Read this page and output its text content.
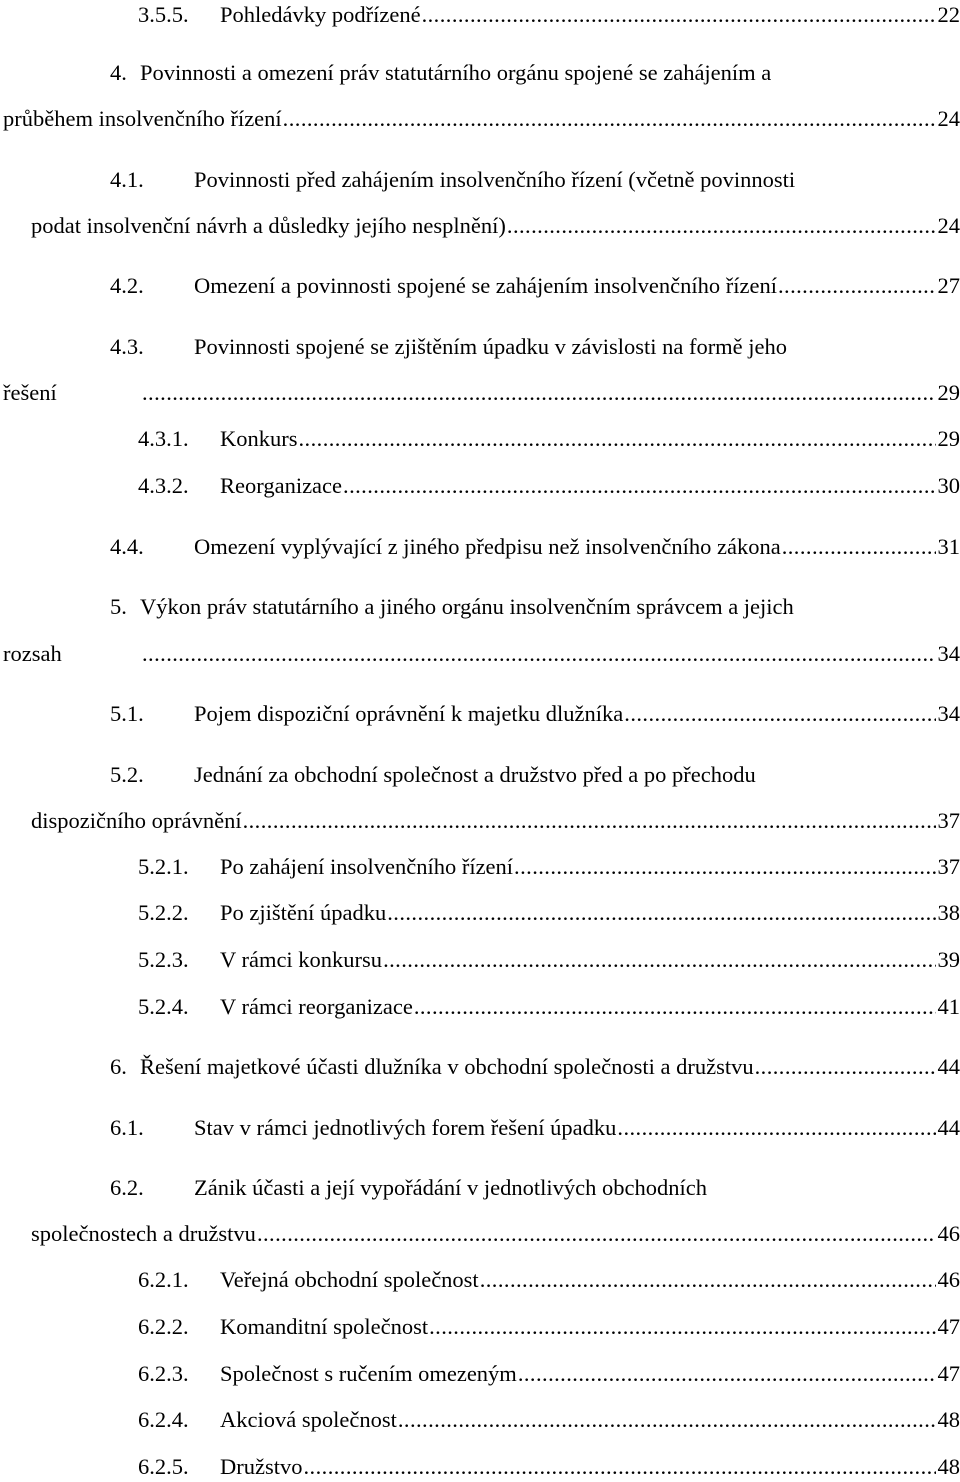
3.5.5.	Pohledávky podřízené . . .	22
4. Povinnosti a omezení práv statutárního orgánu spojené se zahájením a
průběhem insolvenčního řízení . . .	24
4.1.	Povinnosti před zahájením insolvenčního řízení (včetně povinnosti
podat insolvenční návrh a důsledky jejího nesplnění) . . .	24
4.2.	Omezení a povinnosti spojené se zahájením insolvenčního řízení . . .	27
4.3.	Povinnosti spojené se zjištěním úpadku v závislosti na formě jeho
řešení . . .	29
4.3.1.	Konkurs . . .	29
4.3.2.	Reorganizace . . .	30
4.4.	Omezení vyplývající z jiného předpisu než insolvenčního zákona . . .	31
5. Výkon práv statutárního a jiného orgánu insolvenčním správcem a jejich
rozsah . . .	34
5.1.	Pojem dispoziční oprávnění k majetku dlužníka . . .	34
5.2.	Jednání za obchodní společnost a družstvo před a po přechodu
dispozičního oprávnění . . .	37
5.2.1.	Po zahájení insolvenčního řízení . . .	37
5.2.2.	Po zjištění úpadku . . .	38
5.2.3.	V rámci konkursu . . .	39
5.2.4.	V rámci reorganizace . . .	41
6. Řešení majetkové účasti dlužníka v obchodní společnosti a družstvu . . .	44
6.1.	Stav v rámci jednotlivých forem řešení úpadku . . .	44
6.2.	Zánik účasti a její vypořádání v jednotlivých obchodních
společnostech a družstvu . . .	46
6.2.1.	Veřejná obchodní společnost . . .	46
6.2.2.	Komanditní společnost . . .	47
6.2.3.	Společnost s ručením omezeným . . .	47
6.2.4.	Akciová společnost . . .	48
6.2.5.	Družstvo . . .	48
